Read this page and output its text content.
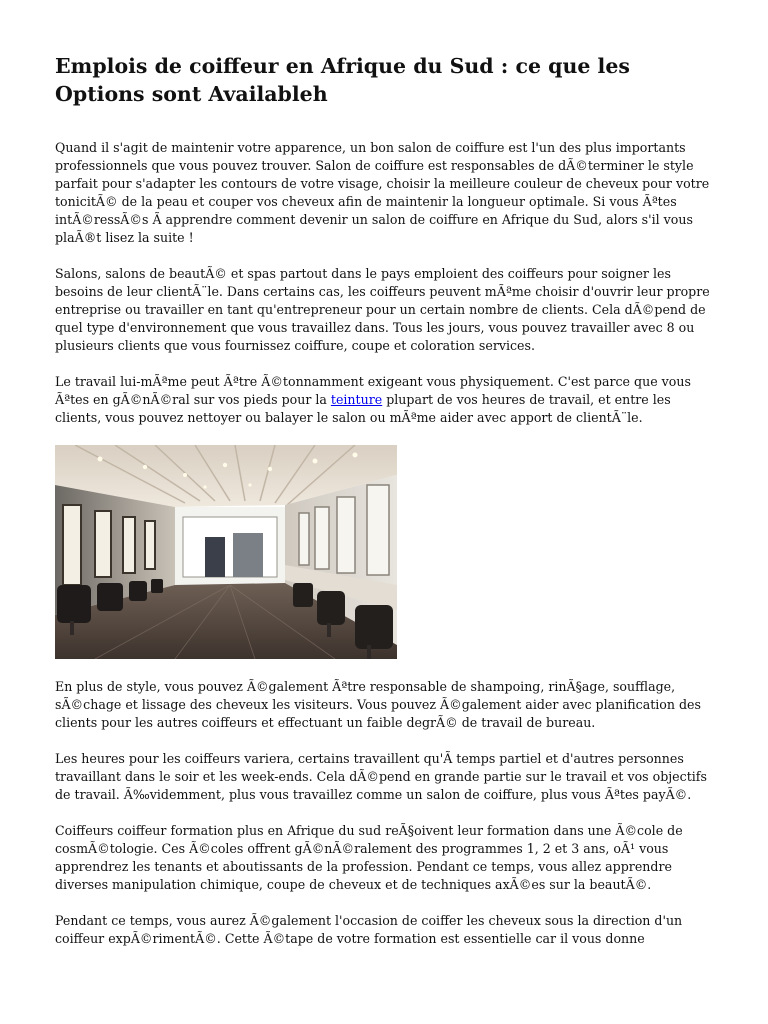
Emplois de coiffeur en Afrique du Sud : ce que les Options sont Availableh

Quand il s'agit de maintenir votre apparence, un bon salon de coiffure est l'un des plus importants professionnels que vous pouvez trouver. Salon de coiffure est responsables de dÃ©terminer le style parfait pour s'adapter les contours de votre visage, choisir la meilleure couleur de cheveux pour votre tonicitÃ© de la peau et couper vos cheveux afin de maintenir la longueur optimale. Si vous Ãªtes intÃ©ressÃ©s Ã apprendre comment devenir un salon de coiffure en Afrique du Sud, alors s'il vous plaÃ®t lisez la suite !

Salons, salons de beautÃ© et spas partout dans le pays emploient des coiffeurs pour soigner les besoins de leur clientÃ¨le. Dans certains cas, les coiffeurs peuvent mÃªme choisir d'ouvrir leur propre entreprise ou travailler en tant qu'entrepreneur pour un certain nombre de clients. Cela dÃ©pend de quel type d'environnement que vous travaillez dans. Tous les jours, vous pouvez travailler avec 8 ou plusieurs clients que vous fournissez coiffure, coupe et coloration services.

Le travail lui-mÃªme peut Ãªtre Ã©tonnamment exigeant vous physiquement. C'est parce que vous Ãªtes en gÃ©nÃ©ral sur vos pieds pour la teinture plupart de vos heures de travail, et entre les clients, vous pouvez nettoyer ou balayer le salon ou mÃªme aider avec apport de clientÃ¨le.

En plus de style, vous pouvez Ã©galement Ãªtre responsable de shampoing, rinÃ§age, soufflage, sÃ©chage et lissage des cheveux les visiteurs. Vous pouvez Ã©galement aider avec planification des clients pour les autres coiffeurs et effectuant un faible degrÃ© de travail de bureau.

Les heures pour les coiffeurs variera, certains travaillent qu'Ã temps partiel et d'autres personnes travaillant dans le soir et les week-ends. Cela dÃ©pend en grande partie sur le travail et vos objectifs de travail. Ã‰videmment, plus vous travaillez comme un salon de coiffure, plus vous Ãªtes payÃ©.

Coiffeurs coiffeur formation plus en Afrique du sud reÃ§oivent leur formation dans une Ã©cole de cosmÃ©tologie. Ces Ã©coles offrent gÃ©nÃ©ralement des programmes 1, 2 et 3 ans, oÃ¹ vous apprendrez les tenants et aboutissants de la profession. Pendant ce temps, vous allez apprendre diverses manipulation chimique, coupe de cheveux et de techniques axÃ©es sur la beautÃ©.

Pendant ce temps, vous aurez Ã©galement l'occasion de coiffer les cheveux sous la direction d'un coiffeur expÃ©rimentÃ©. Cette Ã©tape de votre formation est essentielle car il vous donne
